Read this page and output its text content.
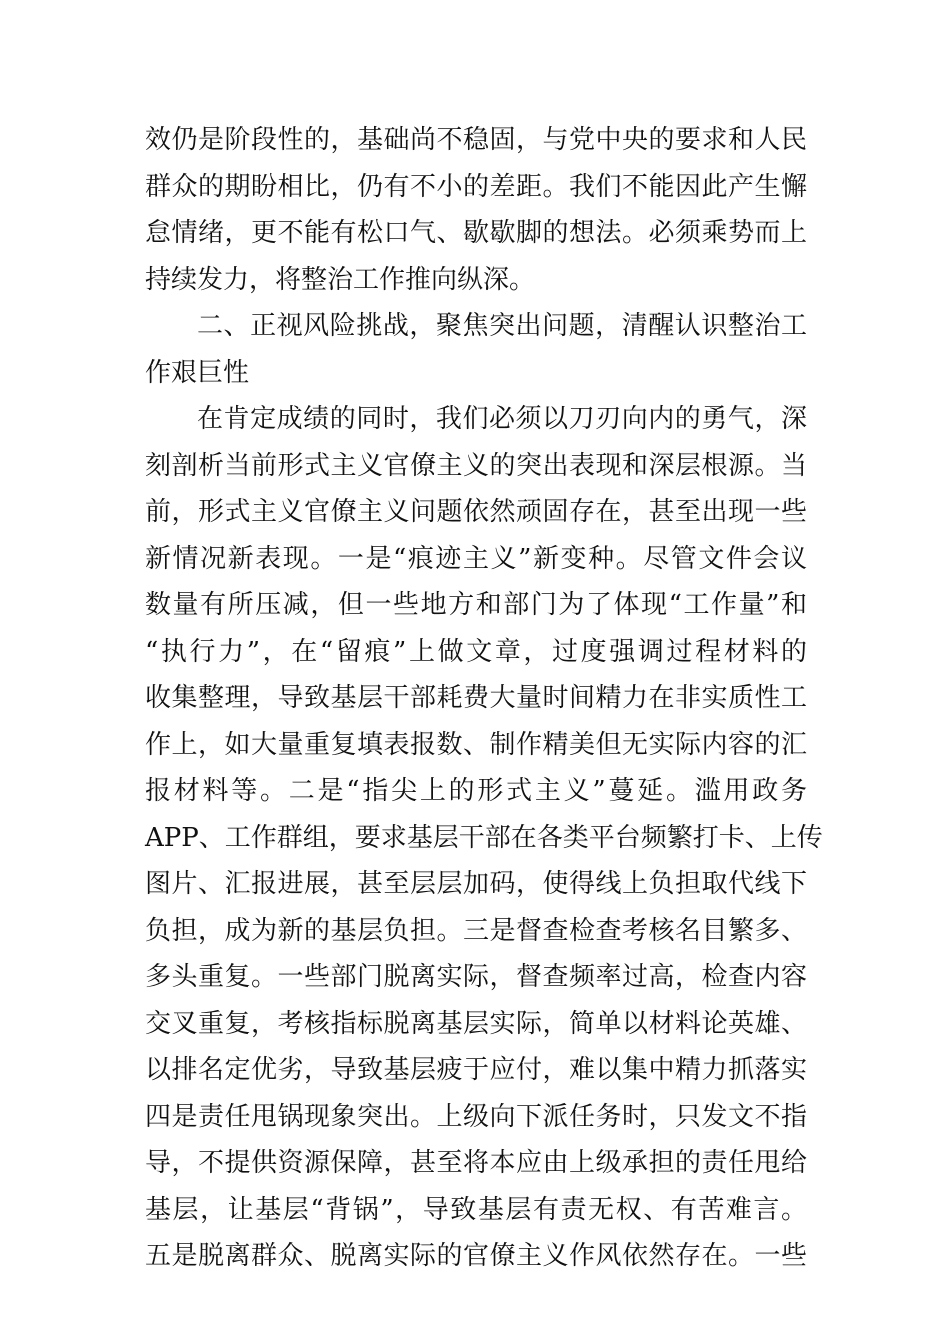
效仍是阶段性的，基础尚不稳固，与党中央的要求和人民
群众的期盼相比，仍有不小的差距。我们不能因此产生懈
怠情绪，更不能有松口气、歇歇脚的想法。必须乘势而上
持续发力，将整治工作推向纵深。
二、正视风险挑战，聚焦突出问题，清醒认识整治工
作艰巨性
在肯定成绩的同时，我们必须以刀刃向内的勇气，深
刻剖析当前形式主义官僚主义的突出表现和深层根源。当
前，形式主义官僚主义问题依然顽固存在，甚至出现一些
新情况新表现。一是“痕迹主义”新变种。尽管文件会议
数量有所压减，但一些地方和部门为了体现“工作量”和
“执行力”，在“留痕”上做文章，过度强调过程材料的
收集整理，导致基层干部耗费大量时间精力在非实质性工
作上，如大量重复填表报数、制作精美但无实际内容的汇
报材料等。二是“指尖上的形式主义”蔓延。滥用政务
APP、工作群组，要求基层干部在各类平台频繁打卡、上传
图片、汇报进展，甚至层层加码，使得线上负担取代线下
负担，成为新的基层负担。三是督查检查考核名目繁多、
多头重复。一些部门脱离实际，督查频率过高，检查内容
交叉重复，考核指标脱离基层实际，简单以材料论英雄、
以排名定优劣，导致基层疲于应付，难以集中精力抓落实
四是责任甩锅现象突出。上级向下派任务时，只发文不指
导，不提供资源保障，甚至将本应由上级承担的责任甩给
基层，让基层“背锅”，导致基层有责无权、有苦难言。
五是脱离群众、脱离实际的官僚主义作风依然存在。一些
